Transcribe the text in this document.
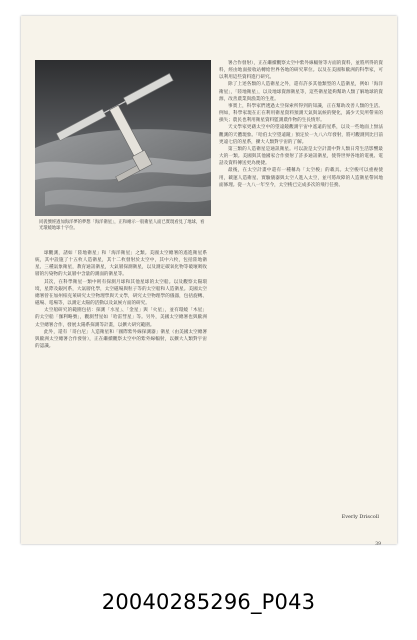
同義號經過加海洋夢的夢想「海洋衛星」，正和繪示一般衛星人面已實現看見了地球，看光環繞地球十字位。

球觀測，諸如「陸地衛星」和「海洋衛星」之類。美國太空總署的遙進衛星系統，其中設施了十五枚人造衛星，其十二枚發射於太空中，其中六枚，包括陸地衛星、三種氣象衛星，教育通訊衛星，大氣層探測衛星，以及測定碳氧化物等破壞吸收層的污染物的大氣層中含量的測面的衛星等。

其次，在科學衛星一類中則有探測月球和其他星球的太空船。以及觀察太陽環境，星際及銀河系，大氣層化學，太空磁場與粒子等的太空船和人造衛星。美國太空總署曾在加州柏克萊研究太空物理學與天文學，研究太空物理學的儀器，包括旋轉、磁場、電場等，以測定太陽的活動以及氣候方面的研究。

太空船研究的範圍包括：探測「水星」、「金星」與「火星」，並有環繞「木星」的太空船「伽利略號」，觀測彗星如「哈雷彗星」等。另外，美國太空總署也與歐洲太空總署合作，發展太陽系探測等計畫，以擴大研究範圍。

此外，還有「哥白尼」人造衛星和「國際紫外線探測器」衛星（由美國太空總署與歐洲太空總署合作發射），正在繼續觀察太空中的紫外線輻射，以擴大人類對宇宙的認識。

署合作發射），正在繼續觀察太空中紫外線輻射等方面的資料，並將所得的資料，經由地面接收站轉給世界各地的研究單位。以及在美國和歐洲的科學家，可以利用這些資料進行研究。

除了上述各類的人造衛星之外，還有許多其他類型的人造衛星，例如「海洋衛星」，「陸地衛星」，以及地球資源衛星等，這些衛星能夠幫助人類了解地球的資源，改善農業與漁業的生產。

事實上，科學家們透過太空探索所得到的知識，正在幫助改善人類的生活。例如，科學家現在正在利用衛星資料預測天氣與氣候的變化，減少天災所帶來的損失；農民也利用衛星資料監測農作物的生長情形。

天文學家更藉太空中的望遠鏡觀測宇宙中遙遠的星系，以及一些地面上無法觀測的天體現象。「哈伯太空望遠鏡」預定於一九八六年發射，將可觀測到比目前更遠七倍的星系，擴大人類對宇宙的了解。

第三類的人造衛星是通訊衛星。可以說是太空計畫中對人類日常生活影響最大的一類。美國與其他國家合作發射了許多通訊衛星，使得世界各地的電視、電話及資料傳送更為便捷。

最後，在太空計畫中還有一種稱為「太空梭」的載具。太空梭可以重複使用，載運人造衛星、實驗儀器與太空人進入太空，並可將故障的人造衛星帶回地面修理。從一九八一年至今，太空梭已完成多次的飛行任務。

Everly Driscoll
39
20040285296_P043
